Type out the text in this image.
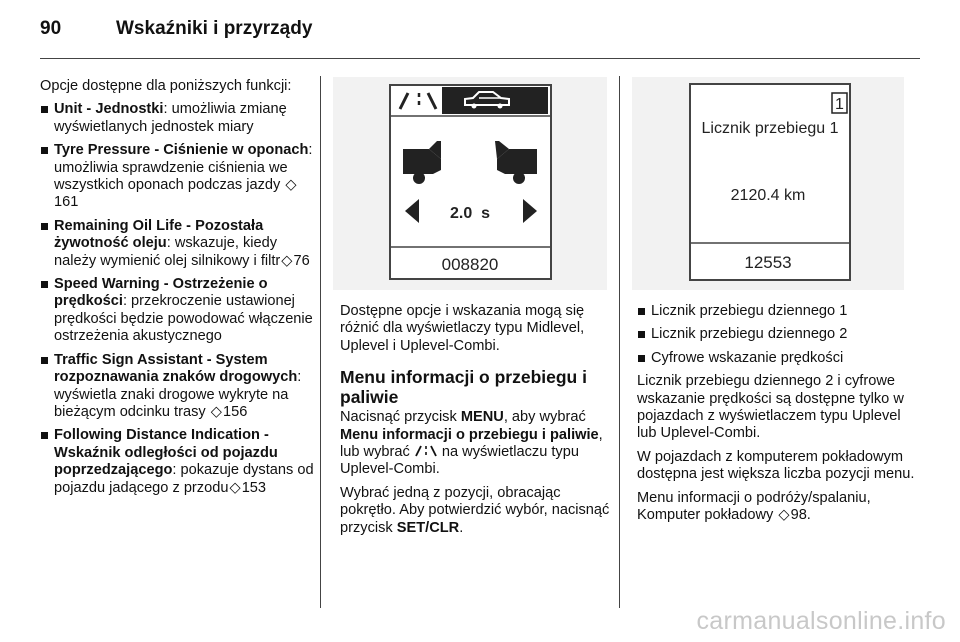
90	Wskaźniki i przyrządy
Opcje dostępne dla poniższych funkcji:
Unit - Jednostki: umożliwia zmianę wyświetlanych jednostek miary
Tyre Pressure - Ciśnienie w oponach: umożliwia sprawdzenie ciśnienia we wszystkich oponach podczas jazdy ◇161
Remaining Oil Life - Pozostała żywotność oleju: wskazuje, kiedy należy wymienić olej silnikowy i filtr◇76
Speed Warning - Ostrzeżenie o prędkości: przekroczenie ustawionej prędkości będzie powodować włączenie ostrzeżenia akustycznego
Traffic Sign Assistant - System rozpoznawania znaków drogowych: wyświetla znaki drogowe wykryte na bieżącym odcinku trasy ◇156
Following Distance Indication - Wskaźnik odległości od pojazdu poprzedzającego: pokazuje dystans od pojazdu jadącego z przodu◇153
2.0  s
008820
1
Licznik przebiegu 1
2120.4 km
12553
Dostępne opcje i wskazania mogą się różnić dla wyświetlaczy typu Midlevel, Uplevel i Uplevel-Combi.
Menu informacji o przebiegu i paliwie
Nacisnąć przycisk MENU, aby wybrać Menu informacji o przebiegu i paliwie, lub wybrać  na wyświetlaczu typu Uplevel-Combi.
Wybrać jedną z pozycji, obracając pokrętło. Aby potwierdzić wybór, nacisnąć przycisk SET/CLR.
Licznik przebiegu dziennego 1
Licznik przebiegu dziennego 2
Cyfrowe wskazanie prędkości
Licznik przebiegu dziennego 2 i cyfrowe wskazanie prędkości są dostępne tylko w pojazdach z wyświetlaczem typu Uplevel lub Uplevel-Combi.
W pojazdach z komputerem pokładowym dostępna jest większa liczba pozycji menu.
Menu informacji o podróży/spalaniu, Komputer pokładowy ◇98.
carmanualsonline.info
